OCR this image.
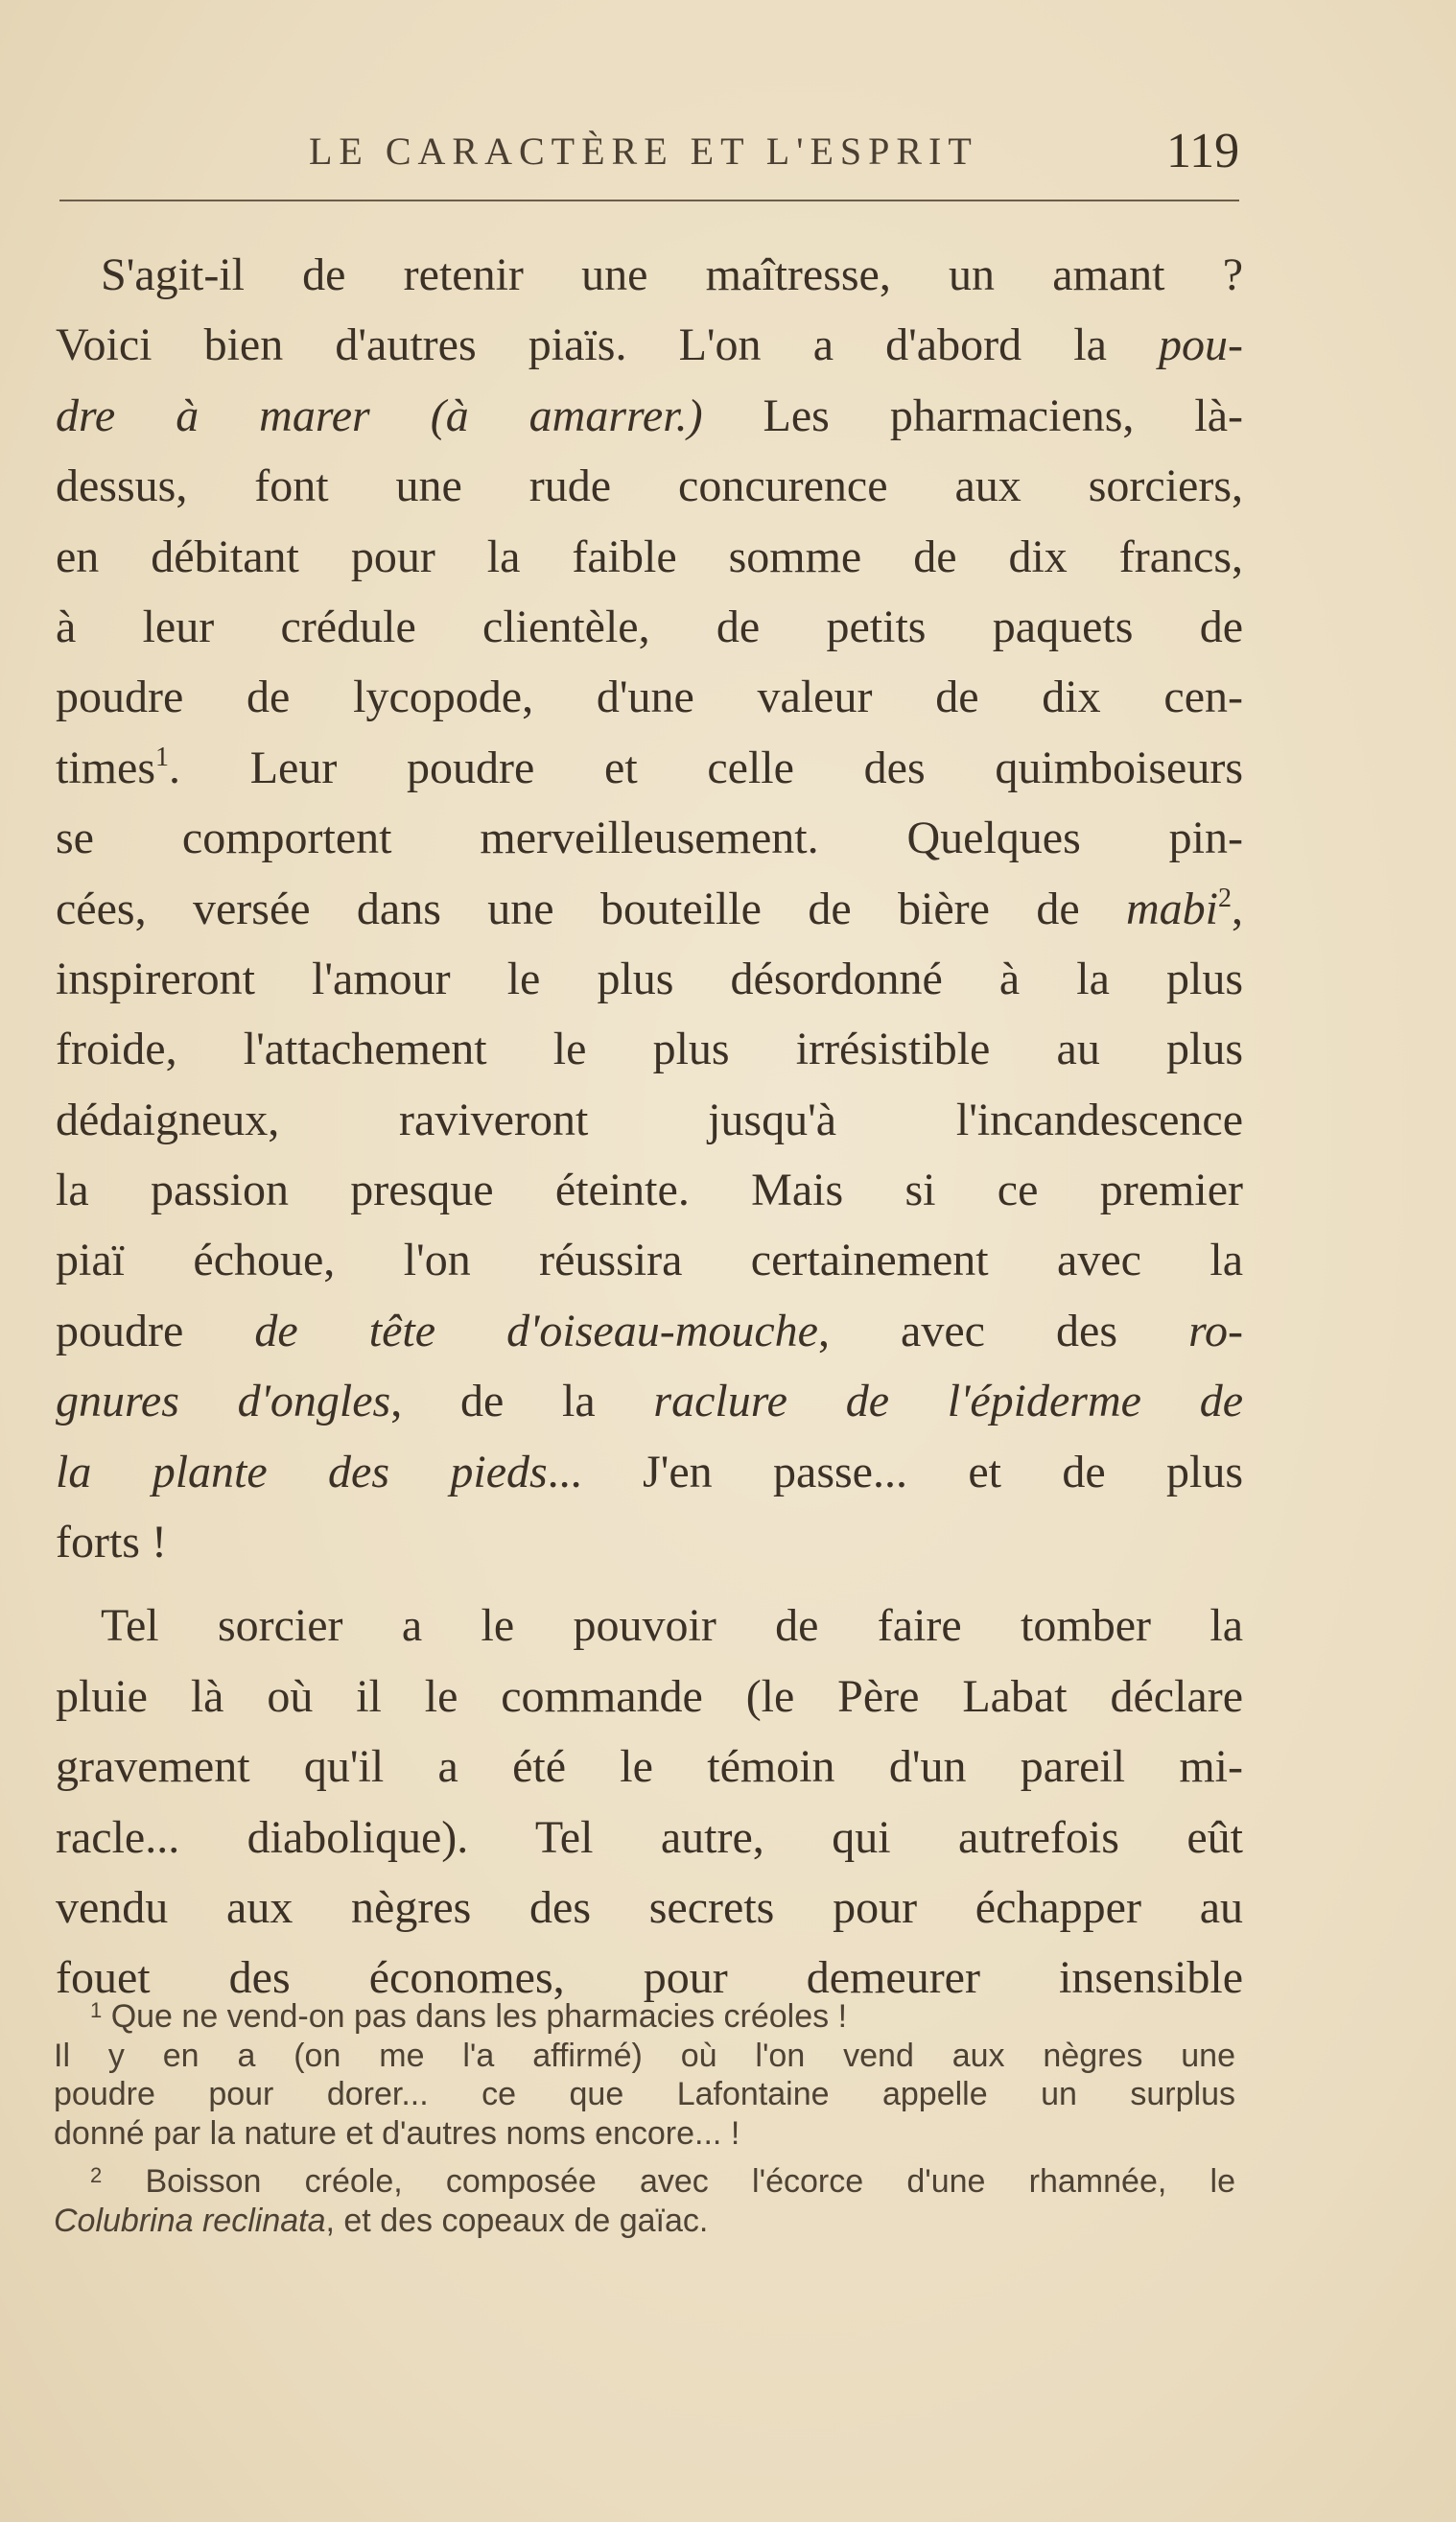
LE CARACTÈRE ET L'ESPRIT	119
S'agit-il de retenir une maîtresse, un amant ?
Voici bien d'autres piaïs. L'on a d'abord la pou-
dre à marer (à amarrer.) Les pharmaciens, là-
dessus, font une rude concurence aux sorciers,
en débitant pour la faible somme de dix francs,
à leur crédule clientèle, de petits paquets de
poudre de lycopode, d'une valeur de dix cen-
times$^1$. Leur poudre et celle des quimboiseurs
se comportent merveilleusement. Quelques pin-
cées, versée dans une bouteille de bière de mabi$^2$,
inspireront l'amour le plus désordonné à la plus
froide, l'attachement le plus irrésistible au plus
dédaigneux, raviveront jusqu'à l'incandescence
la passion presque éteinte. Mais si ce premier
piaï échoue, l'on réussira certainement avec la
poudre de tête d'oiseau-mouche, avec des ro-
gnures d'ongles, de la raclure de l'épiderme de
la plante des pieds... J'en passe... et de plus
forts !
Tel sorcier a le pouvoir de faire tomber la
pluie là où il le commande (le Père Labat déclare
gravement qu'il a été le témoin d'un pareil mi-
racle... diabolique). Tel autre, qui autrefois eût
vendu aux nègres des secrets pour échapper au
fouet des économes, pour demeurer insensible
$^1$ Que ne vend-on pas dans les pharmacies créoles !
Il y en a (on me l'a affirmé) où l'on vend aux nègres une
poudre pour dorer... ce que Lafontaine appelle un surplus
donné par la nature et d'autres noms encore... !
$^2$ Boisson créole, composée avec l'écorce d'une rhamnée, le
Colubrina reclinata, et des copeaux de gaïac.
